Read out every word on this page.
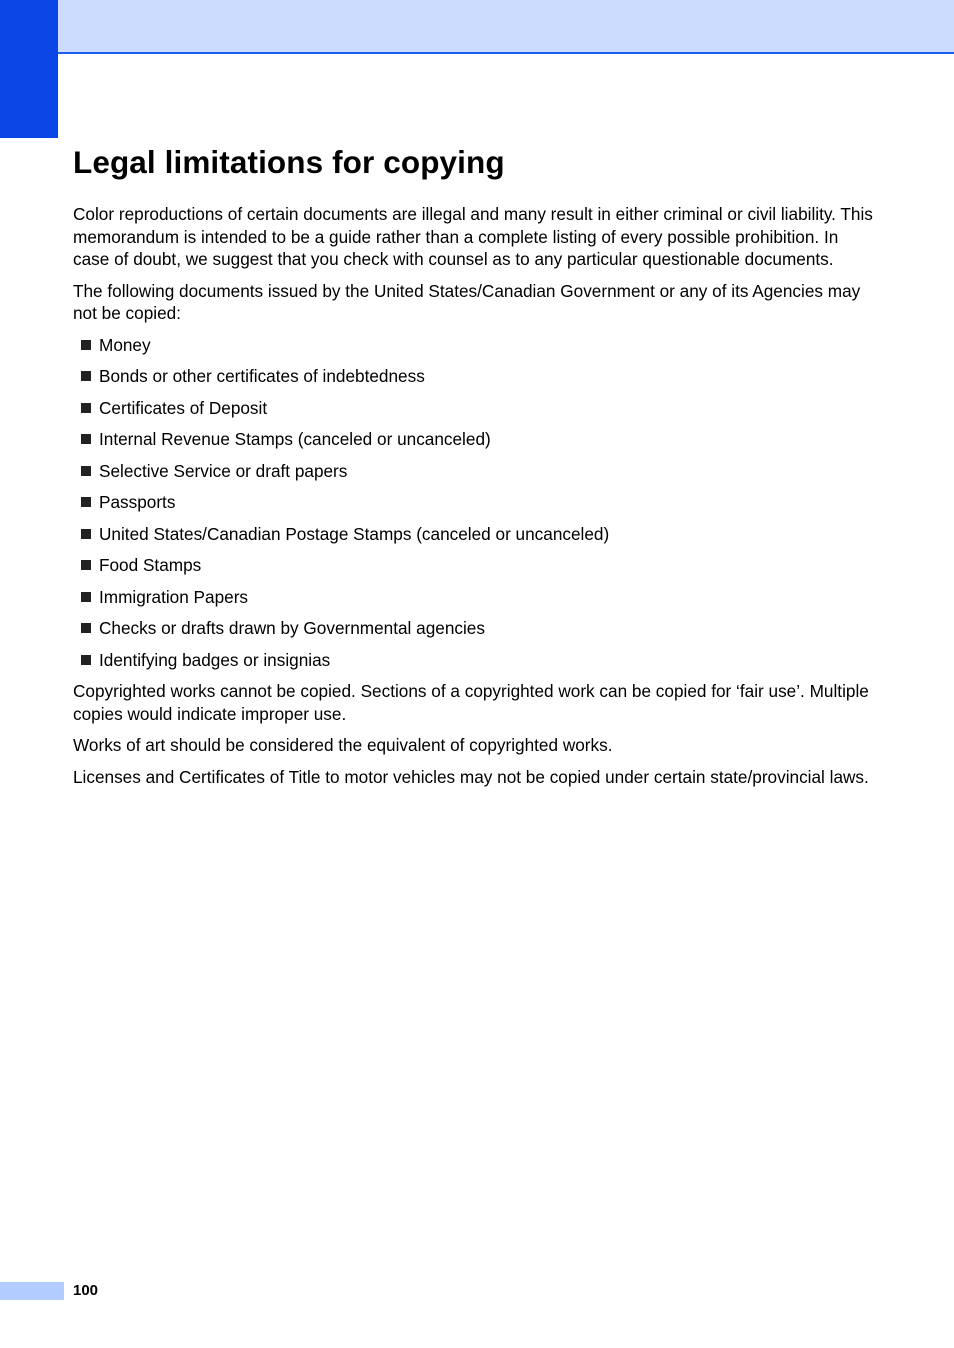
Legal limitations for copying

Color reproductions of certain documents are illegal and many result in either criminal or civil liability. This memorandum is intended to be a guide rather than a complete listing of every possible prohibition. In case of doubt, we suggest that you check with counsel as to any particular questionable documents.

The following documents issued by the United States/Canadian Government or any of its Agencies may not be copied:

Money
Bonds or other certificates of indebtedness
Certificates of Deposit
Internal Revenue Stamps (canceled or uncanceled)
Selective Service or draft papers
Passports
United States/Canadian Postage Stamps (canceled or uncanceled)
Food Stamps
Immigration Papers
Checks or drafts drawn by Governmental agencies
Identifying badges or insignias

Copyrighted works cannot be copied. Sections of a copyrighted work can be copied for ‘fair use’. Multiple copies would indicate improper use.

Works of art should be considered the equivalent of copyrighted works.

Licenses and Certificates of Title to motor vehicles may not be copied under certain state/provincial laws.

100
